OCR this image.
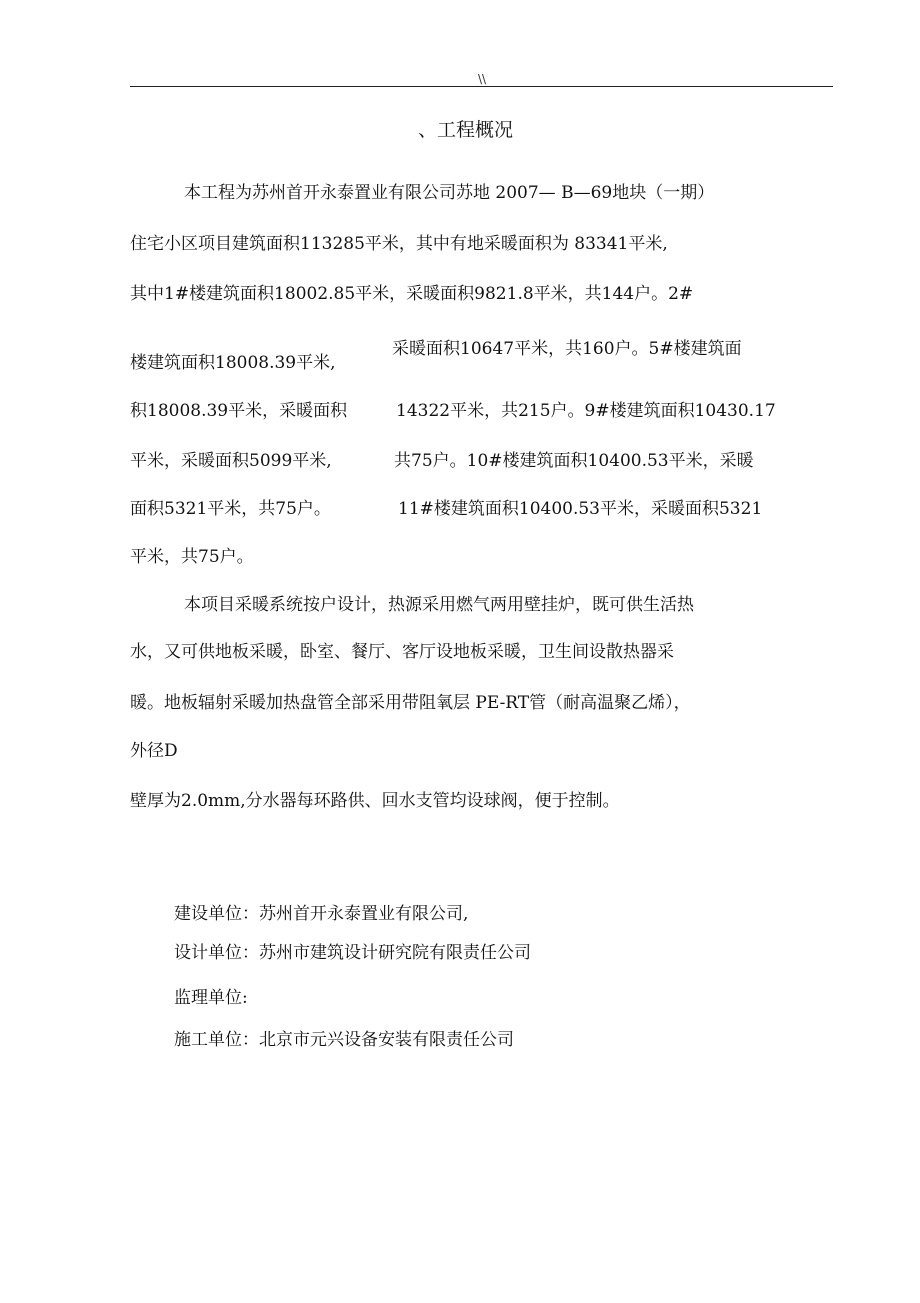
\\
、工程概况
本工程为苏州首开永泰置业有限公司苏地 2007— B—69地块（一期）
住宅小区项目建筑面积113285平米，其中有地采暖面积为 83341平米,
其中1#楼建筑面积18002.85平米，采暖面积9821.8平米，共144户。2#
楼建筑面积18008.39平米,
采暖面积10647平米，共160户。5#楼建筑面
积18008.39平米，采暖面积	14322平米，共215户。9#楼建筑面积10430.17
平米，采暖面积5099平米,	共75户。10#楼建筑面积10400.53平米，采暖
面积5321平米，共75户。	11#楼建筑面积10400.53平米，采暖面积5321
平米，共75户。
本项目采暖系统按户设计，热源采用燃气两用壁挂炉，既可供生活热
水，又可供地板采暖，卧室、餐厅、客厅设地板采暖，卫生间设散热器采
暖。地板辐射采暖加热盘管全部采用带阻氧层 PE-RT管（耐高温聚乙烯），
外径D
壁厚为2.0mm,分水器每环路供、回水支管均设球阀，便于控制。
建设单位：苏州首开永泰置业有限公司,
设计单位：苏州市建筑设计研究院有限责任公司
监理单位:
施工单位：北京市元兴设备安装有限责任公司
